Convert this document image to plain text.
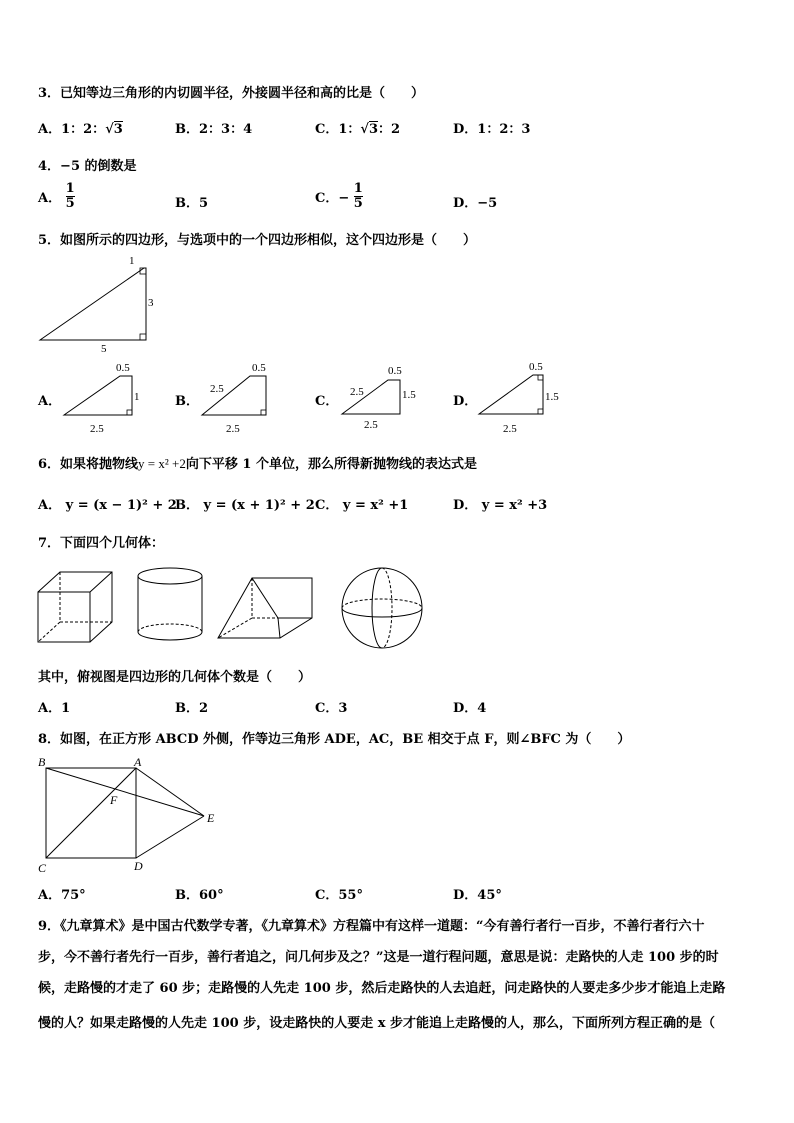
3．已知等边三角形的内切圆半径，外接圆半径和高的比是（　　）
A．1：2：√3	B．2：3：4	C．1：√3：2	D．1：2：3
4．−5 的倒数是
A． $\frac{1}{5}$	B．5	C．− $\frac{1}{5}$	D．−5
5．如图所示的四边形，与选项中的一个四边形相似，这个四边形是（　　）
1
3
5
A．
0.5
1
2.5
B．
0.5
2.5
2.5
C．
0.5
1.5
2.5
2.5
D．
0.5
1.5
2.5
6．如果将抛物线y = x² +2向下平移 1 个单位，那么所得新抛物线的表达式是
A． y = (x − 1)² + 2
B． y = (x + 1)² + 2 C． y = x² +1	D． y = x² +3
7．下面四个几何体：
其中，俯视图是四边形的几何体个数是（　　）
A．1	B．2	C．3	D．4
8．如图，在正方形 ABCD 外侧，作等边三角形 ADE，AC，BE 相交于点 F，则∠BFC 为（　　）
B	A
C	D
E
F
A．75°	B．60°	C．55°	D．45°
9．《九章算术》是中国古代数学专著，《九章算术》方程篇中有这样一道题：“今有善行者行一百步，不善行者行六十
步，今不善行者先行一百步，善行者追之，问几何步及之？”这是一道行程问题，意思是说：走路快的人走 100 步的时
候，走路慢的才走了 60 步；走路慢的人先走 100 步，然后走路快的人去追赶，问走路快的人要走多少步才能追上走路
慢的人？如果走路慢的人先走 100 步，设走路快的人要走 x 步才能追上走路慢的人，那么，下面所列方程正确的是（
